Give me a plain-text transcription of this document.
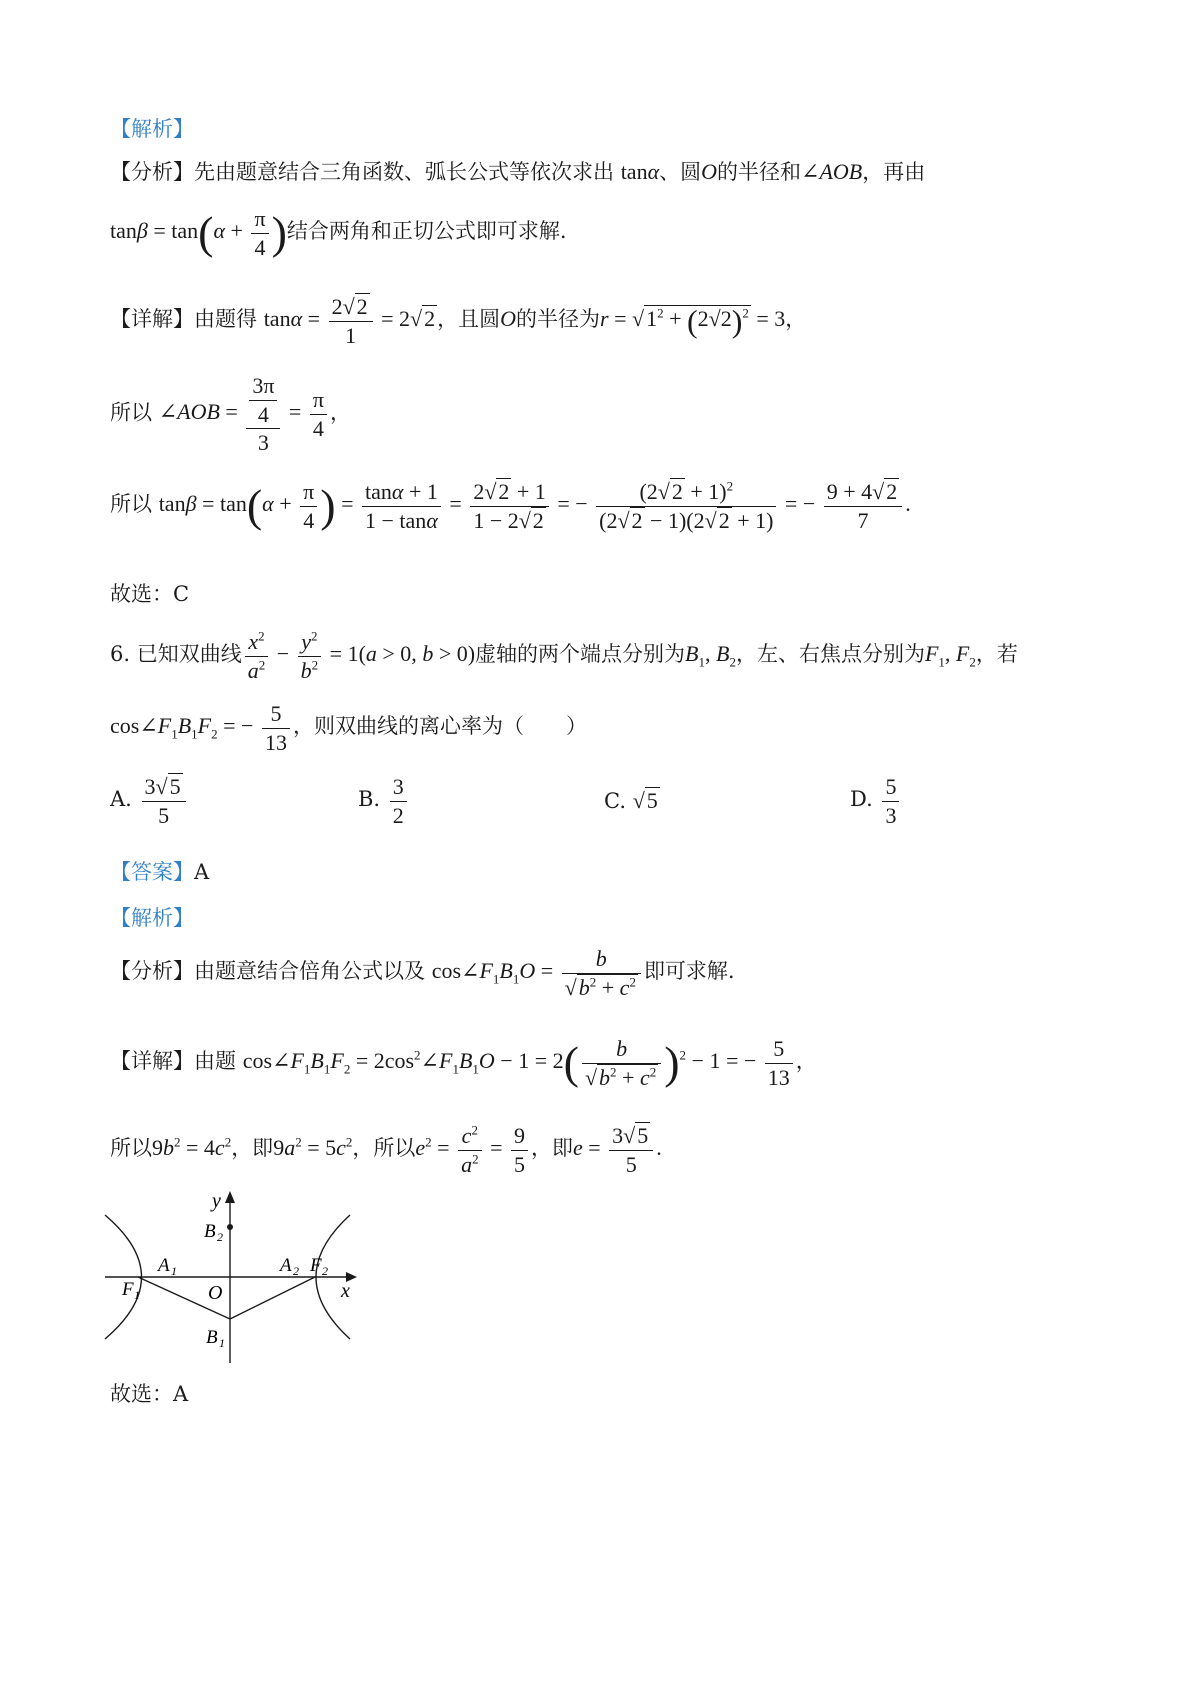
【解析】
【分析】先由题意结合三角函数、弧长公式等依次求出 tanα、圆O的半径和∠AOB，再由
$\tan\beta = \tan(\alpha + \frac{\pi}{4}$ )结合两角和正切公式即可求解.
【详解】由题得 $\tan\alpha = \frac{2√2}{1} = 2√2$，且圆O的半径为$r = √1^2 + (2√2)^2 = 3$，
所以 ∠AOB = $\frac{\frac{3\pi}{4}}{3} = \frac{\pi}{4}$ ，
所以 $\tan\beta = \tan(\alpha + \frac{\pi}{4}$ ) = $\frac{\tan\alpha + 1}{1 - \tan\alpha} = \frac{2√2 + 1}{1 - 2√2}$ = − $\frac{(2√2 + 1)^2}{(2√2 - 1)(2√2 + 1)}$ = − $\frac{9 + 4√2}{7}$ .
故选：C
6. 已知双曲线 $\frac{x^2}{a^2} - \frac{y^2}{b^2} = 1(a > 0$, b > 0)虚轴的两个端点分别为$B_1$, $B_2$，左、右焦点分别为$F_1$, $F_2$，若
$\cos\angle F_1B_1F_2$ = − $\frac{5}{13}$ ，则双曲线的离心率为（　　）
A. $\frac{3√5}{5}$	B. $\frac{3}{2}$	C. √5	D. $\frac{5}{3}$
【答案】A
【解析】
【分析】由题意结合倍角公式以及 $\cos\angle F_1B_1O = \frac{b}{√b^2 + c^2}$ 即可求解.
【详解】由题 $\cos\angle F_1B_1F_2$ = $2\cos^2\angle F_1B_1O - 1 = 2( \frac{b}{√b^2 + c^2} )^2 - 1$ = − $\frac{5}{13}$ ，
所以$9b^2 = 4c^2$，即$9a^2 = 5c^2$，所以$e^2 = \frac{c^2}{a^2} = \frac{9}{5}$ ，即$e = \frac{3√5}{5}$ .
y
x
O
B 2
B 1
A 1	A 2
F 1
F 2
故选：A
